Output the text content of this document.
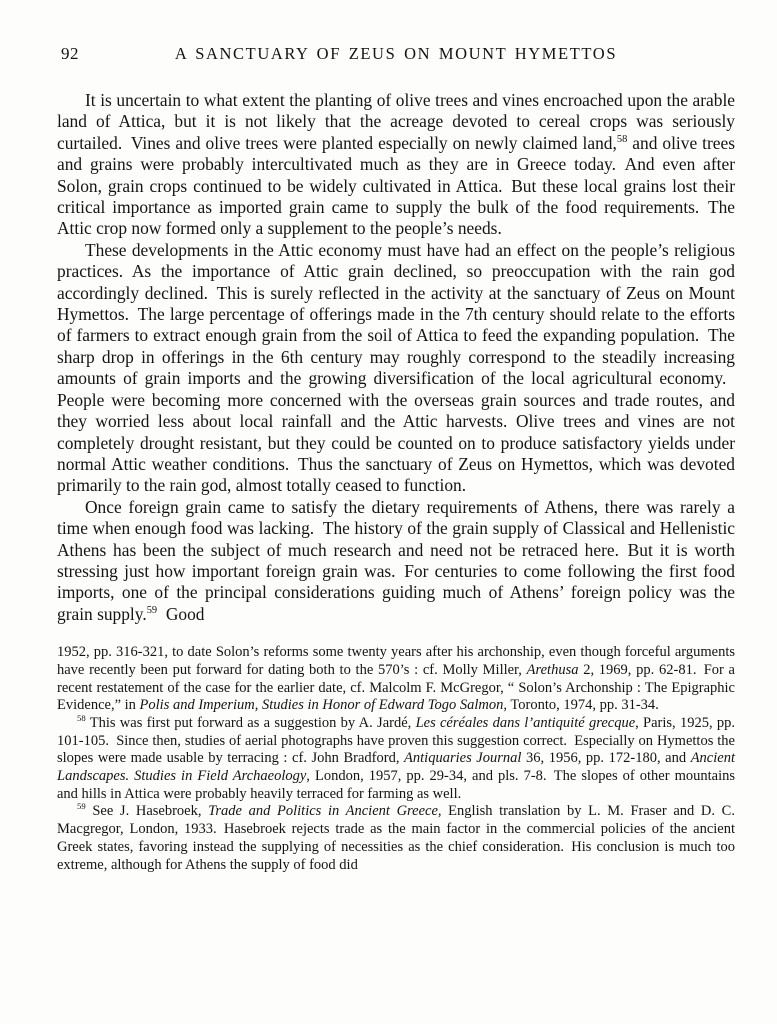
92	A SANCTUARY OF ZEUS ON MOUNT HYMETTOS

It is uncertain to what extent the planting of olive trees and vines encroached upon the arable land of Attica, but it is not likely that the acreage devoted to cereal crops was seriously curtailed. Vines and olive trees were planted especially on newly claimed land,$^{58}$ and olive trees and grains were probably intercultivated much as they are in Greece today. And even after Solon, grain crops continued to be widely cultivated in Attica. But these local grains lost their critical importance as imported grain came to supply the bulk of the food requirements. The Attic crop now formed only a supplement to the people’s needs.

These developments in the Attic economy must have had an effect on the people’s religious practices. As the importance of Attic grain declined, so preoccupation with the rain god accordingly declined. This is surely reflected in the activity at the sanctuary of Zeus on Mount Hymettos. The large percentage of offerings made in the 7th century should relate to the efforts of farmers to extract enough grain from the soil of Attica to feed the expanding population. The sharp drop in offerings in the 6th century may roughly correspond to the steadily increasing amounts of grain imports and the growing diversification of the local agricultural economy. People were becoming more concerned with the overseas grain sources and trade routes, and they worried less about local rainfall and the Attic harvests. Olive trees and vines are not completely drought resistant, but they could be counted on to produce satisfactory yields under normal Attic weather conditions. Thus the sanctuary of Zeus on Hymettos, which was devoted primarily to the rain god, almost totally ceased to function.

Once foreign grain came to satisfy the dietary requirements of Athens, there was rarely a time when enough food was lacking. The history of the grain supply of Classical and Hellenistic Athens has been the subject of much research and need not be retraced here. But it is worth stressing just how important foreign grain was. For centuries to come following the first food imports, one of the principal considerations guiding much of Athens’ foreign policy was the grain supply.$^{59}$ Good

1952, pp. 316-321, to date Solon’s reforms some twenty years after his archonship, even though forceful arguments have recently been put forward for dating both to the 570’s : cf. Molly Miller, Arethusa 2, 1969, pp. 62-81. For a recent restatement of the case for the earlier date, cf. Malcolm F. McGregor, “ Solon’s Archonship : The Epigraphic Evidence,” in Polis and Imperium, Studies in Honor of Edward Togo Salmon, Toronto, 1974, pp. 31-34.

$^{58}$ This was first put forward as a suggestion by A. Jardé, Les céréales dans l’antiquité grecque, Paris, 1925, pp. 101-105. Since then, studies of aerial photographs have proven this suggestion correct. Especially on Hymettos the slopes were made usable by terracing : cf. John Bradford, Antiquaries Journal 36, 1956, pp. 172-180, and Ancient Landscapes. Studies in Field Archaeology, London, 1957, pp. 29-34, and pls. 7-8. The slopes of other mountains and hills in Attica were probably heavily terraced for farming as well.

$^{59}$ See J. Hasebroek, Trade and Politics in Ancient Greece, English translation by L. M. Fraser and D. C. Macgregor, London, 1933. Hasebroek rejects trade as the main factor in the commercial policies of the ancient Greek states, favoring instead the supplying of necessities as the chief consideration. His conclusion is much too extreme, although for Athens the supply of food did
